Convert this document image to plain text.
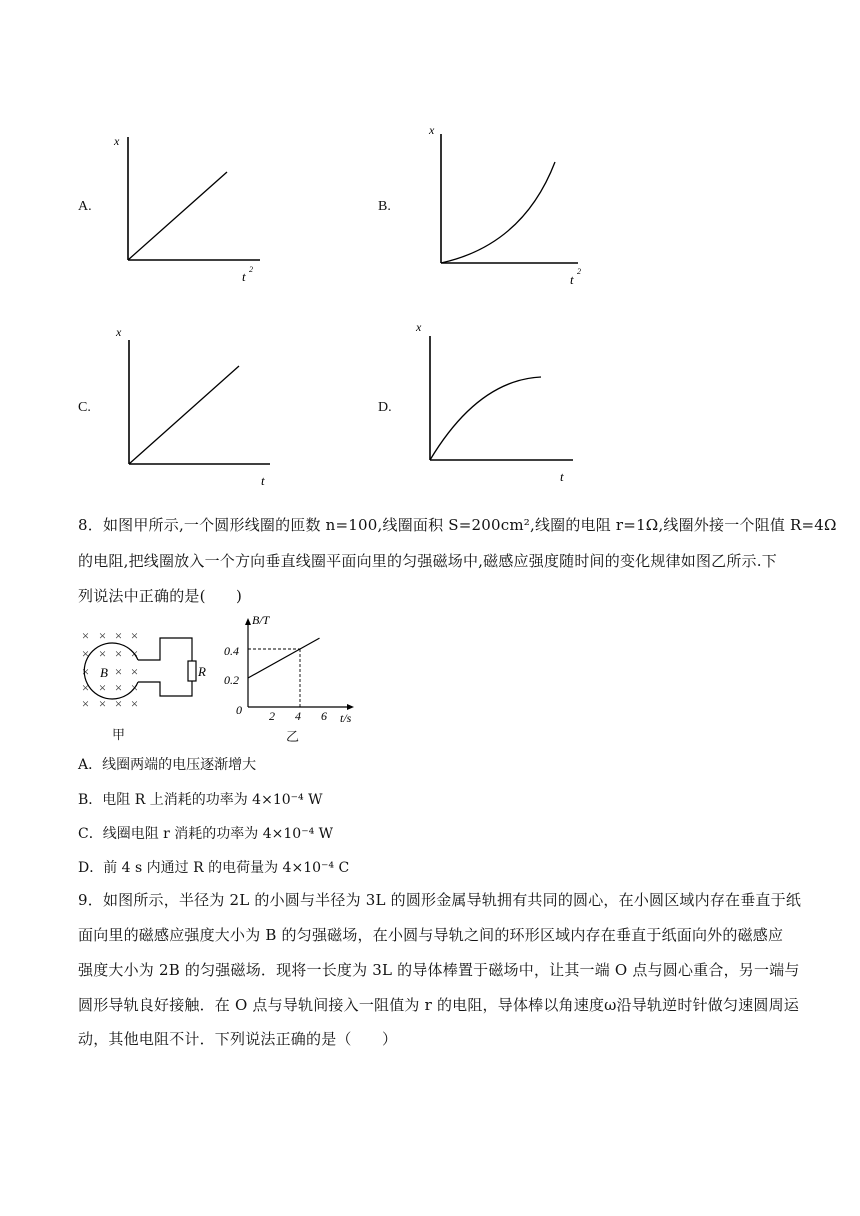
A.
x
t 2
B.
x
t
2
C.
x
t
D.
x
t
8．如图甲所示,一个圆形线圈的匝数 n=100,线圈面积 S=200cm²,线圈的电阻 r=1Ω,线圈外接一个阻值 R=4Ω
的电阻,把线圈放入一个方向垂直线圈平面向里的匀强磁场中,磁感应强度随时间的变化规律如图乙所示.下
列说法中正确的是(　　)
× × × ×
× × × ×
× × ×
× × × ×
× × × ×
B	R
甲
B/T
t/s
0
0.2
0.4
2 4 6
乙
A．线圈两端的电压逐渐增大
B．电阻 R 上消耗的功率为 4×10⁻⁴ W
C．线圈电阻 r 消耗的功率为 4×10⁻⁴ W
D．前 4 s 内通过 R 的电荷量为 4×10⁻⁴ C
9．如图所示，半径为 2L 的小圆与半径为 3L 的圆形金属导轨拥有共同的圆心，在小圆区域内存在垂直于纸
面向里的磁感应强度大小为 B 的匀强磁场，在小圆与导轨之间的环形区域内存在垂直于纸面向外的磁感应
强度大小为 2B 的匀强磁场．现将一长度为 3L 的导体棒置于磁场中，让其一端 O 点与圆心重合，另一端与
圆形导轨良好接触．在 O 点与导轨间接入一阻值为 r 的电阻，导体棒以角速度ω沿导轨逆时针做匀速圆周运
动，其他电阻不计．下列说法正确的是（　　）
